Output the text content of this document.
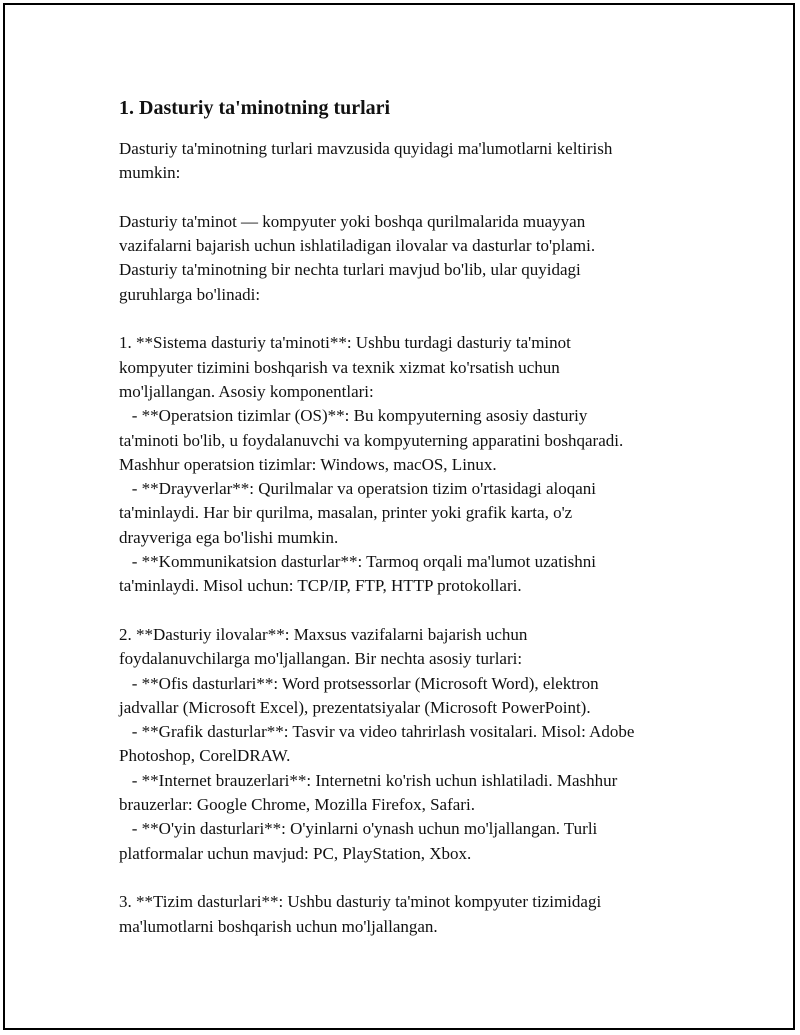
1. Dasturiy ta'minotning turlari

Dasturiy ta'minotning turlari mavzusida quyidagi ma'lumotlarni keltirish

mumkin:

Dasturiy ta'minot — kompyuter yoki boshqa qurilmalarida muayyan

vazifalarni bajarish uchun ishlatiladigan ilovalar va dasturlar to'plami.

Dasturiy ta'minotning bir nechta turlari mavjud bo'lib, ular quyidagi

guruhlarga bo'linadi:

1. **Sistema dasturiy ta'minoti**: Ushbu turdagi dasturiy ta'minot

kompyuter tizimini boshqarish va texnik xizmat ko'rsatish uchun

mo'ljallangan. Asosiy komponentlari:

- **Operatsion tizimlar (OS)**: Bu kompyuterning asosiy dasturiy

ta'minoti bo'lib, u foydalanuvchi va kompyuterning apparatini boshqaradi.

Mashhur operatsion tizimlar: Windows, macOS, Linux.

- **Drayverlar**: Qurilmalar va operatsion tizim o'rtasidagi aloqani

ta'minlaydi. Har bir qurilma, masalan, printer yoki grafik karta, o'z

drayveriga ega bo'lishi mumkin.

- **Kommunikatsion dasturlar**: Tarmoq orqali ma'lumot uzatishni

ta'minlaydi. Misol uchun: TCP/IP, FTP, HTTP protokollari.

2. **Dasturiy ilovalar**: Maxsus vazifalarni bajarish uchun

foydalanuvchilarga mo'ljallangan. Bir nechta asosiy turlari:

- **Ofis dasturlari**: Word protsessorlar (Microsoft Word), elektron

jadvallar (Microsoft Excel), prezentatsiyalar (Microsoft PowerPoint).

- **Grafik dasturlar**: Tasvir va video tahrirlash vositalari. Misol: Adobe

Photoshop, CorelDRAW.

- **Internet brauzerlari**: Internetni ko'rish uchun ishlatiladi. Mashhur

brauzerlar: Google Chrome, Mozilla Firefox, Safari.

- **O'yin dasturlari**: O'yinlarni o'ynash uchun mo'ljallangan. Turli

platformalar uchun mavjud: PC, PlayStation, Xbox.

3. **Tizim dasturlari**: Ushbu dasturiy ta'minot kompyuter tizimidagi

ma'lumotlarni boshqarish uchun mo'ljallangan.
